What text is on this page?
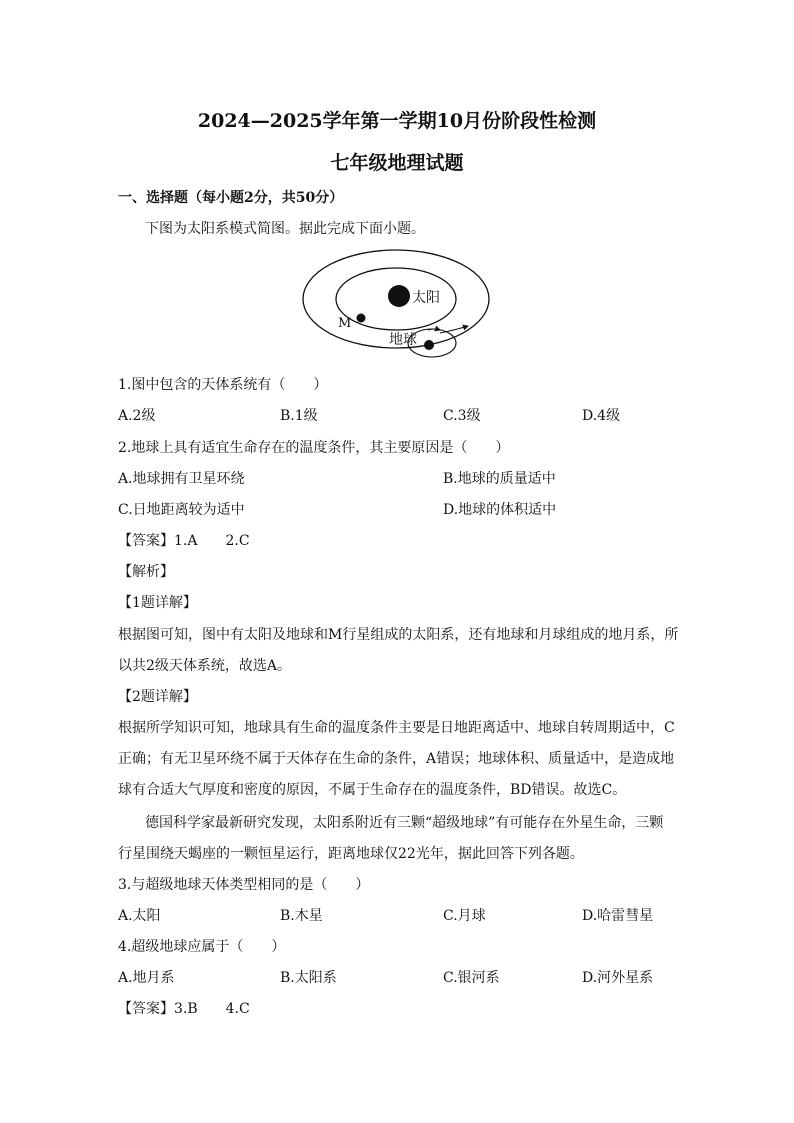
2024—2025学年第一学期10月份阶段性检测
七年级地理试题
一、选择题（每小题2分，共50分）
下图为太阳系模式简图。据此完成下面小题。
太阳
M
地球
1.图中包含的天体系统有（　　）
A.2级	B.1级	C.3级	D.4级
2.地球上具有适宜生命存在的温度条件，其主要原因是（　　）
A.地球拥有卫星环绕	B.地球的质量适中
C.日地距离较为适中	D.地球的体积适中
【答案】1.A　　2.C
【解析】
【1题详解】
根据图可知，图中有太阳及地球和M行星组成的太阳系，还有地球和月球组成的地月系，所
以共2级天体系统，故选A。
【2题详解】
根据所学知识可知，地球具有生命的温度条件主要是日地距离适中、地球自转周期适中，C
正确；有无卫星环绕不属于天体存在生命的条件，A错误；地球体积、质量适中，是造成地
球有合适大气厚度和密度的原因，不属于生命存在的温度条件，BD错误。故选C。
德国科学家最新研究发现，太阳系附近有三颗“超级地球”有可能存在外星生命，三颗
行星围绕天蝎座的一颗恒星运行，距离地球仅22光年，据此回答下列各题。
3.与超级地球天体类型相同的是（　　）
A.太阳	B.木星	C.月球	D.哈雷彗星
4.超级地球应属于（　　）
A.地月系	B.太阳系	C.银河系	D.河外星系
【答案】3.B　　4.C
